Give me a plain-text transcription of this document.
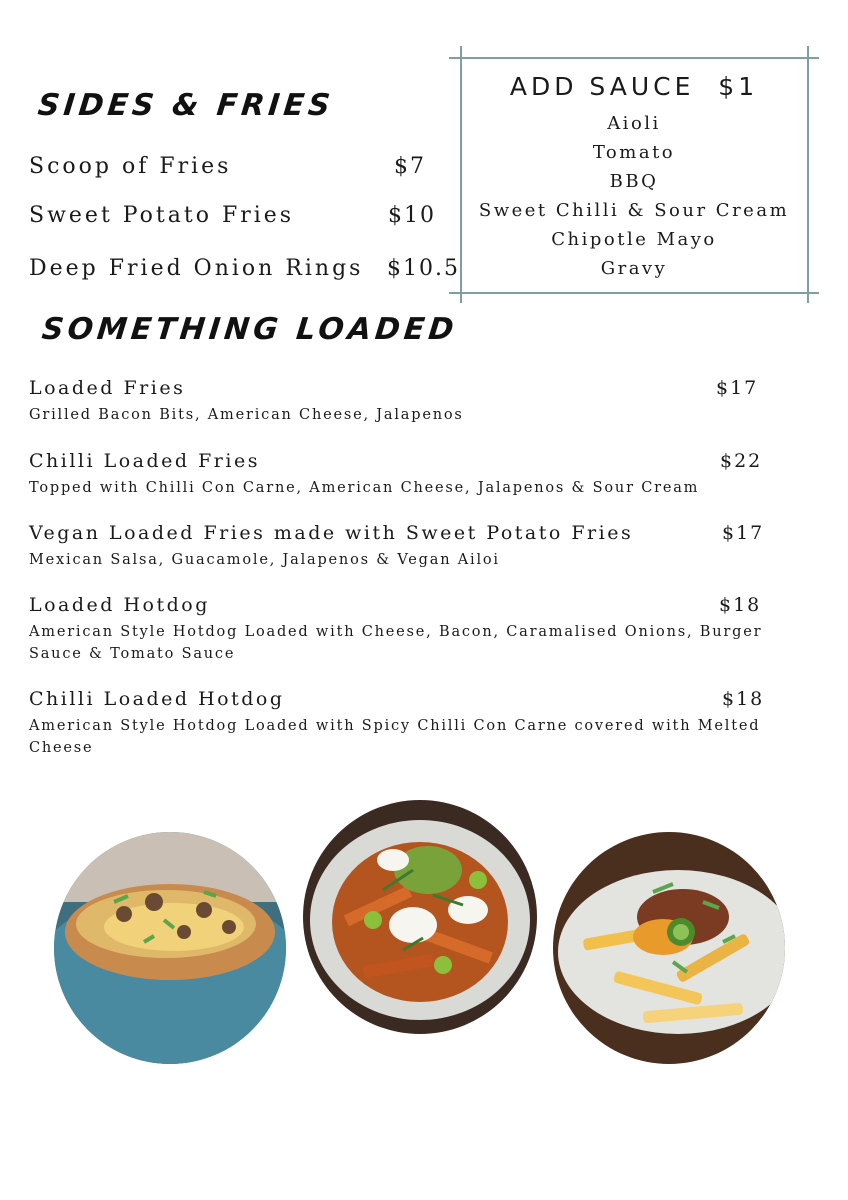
SIDES & FRIES
Scoop of Fries	$7
Sweet Potato Fries	$10
Deep Fried Onion Rings $10.5
ADD SAUCE  $1
Aioli
Tomato
BBQ
Sweet Chilli & Sour Cream
Chipotle Mayo
Gravy
SOMETHING LOADED
Loaded Fries	$17
Grilled Bacon Bits, American Cheese, Jalapenos
Chilli Loaded Fries	$22
Topped with Chilli Con Carne, American Cheese, Jalapenos & Sour Cream
Vegan Loaded Fries made with Sweet Potato Fries	$17
Mexican Salsa, Guacamole, Jalapenos & Vegan Ailoi
Loaded Hotdog	$18
American Style Hotdog Loaded with Cheese, Bacon, Caramalised Onions, Burger Sauce & Tomato Sauce
Chilli Loaded Hotdog	$18
American Style Hotdog Loaded with Spicy Chilli Con Carne covered with Melted Cheese
